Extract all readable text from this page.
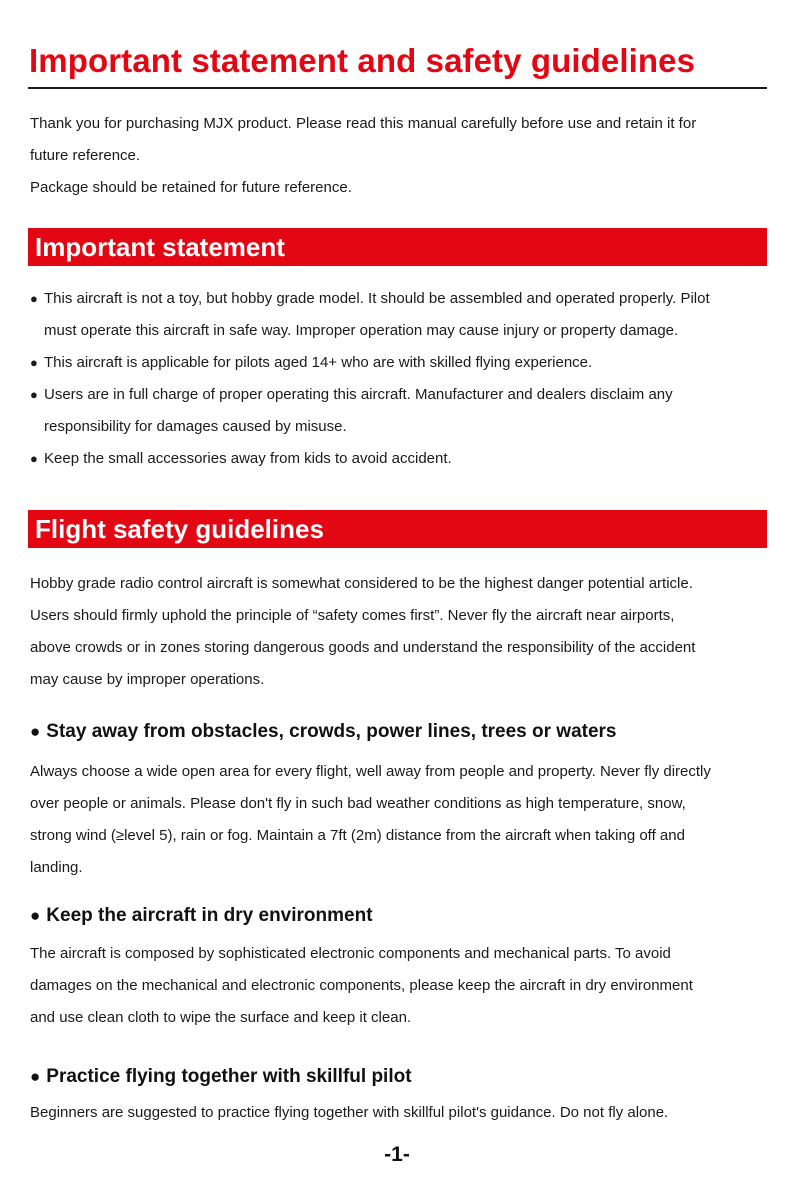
Important statement and safety guidelines
Thank you for purchasing MJX product. Please read this manual carefully before use and retain it for
future reference.
Package should be retained for future reference.
Important statement
● This aircraft is not a toy, but hobby grade model. It should be assembled and operated properly. Pilot
must operate this aircraft in safe way. Improper operation may cause injury or property damage.
● This aircraft is applicable for pilots aged 14+ who are with skilled flying experience.
● Users are in full charge of proper operating this aircraft. Manufacturer and dealers disclaim any
responsibility for damages caused by misuse.
● Keep the small accessories away from kids to avoid accident.
Flight safety guidelines
Hobby grade radio control aircraft is somewhat considered to be the highest danger potential article.
Users should firmly uphold the principle of “safety comes first”. Never fly the aircraft near airports,
above crowds or in zones storing dangerous goods and understand the responsibility of the accident
may cause by improper operations.
● Stay away from obstacles, crowds, power lines, trees or waters
Always choose a wide open area for every flight, well away from people and property. Never fly directly
over people or animals. Please don't fly in such bad weather conditions as high temperature, snow,
strong wind (≥level 5), rain or fog. Maintain a 7ft (2m) distance from the aircraft when taking off and
landing.
● Keep the aircraft in dry environment
The aircraft is composed by sophisticated electronic components and mechanical parts. To avoid
damages on the mechanical and electronic components, please keep the aircraft in dry environment
and use clean cloth to wipe the surface and keep it clean.
● Practice flying together with skillful pilot
Beginners are suggested to practice flying together with skillful pilot's guidance. Do not fly alone.
-1-
